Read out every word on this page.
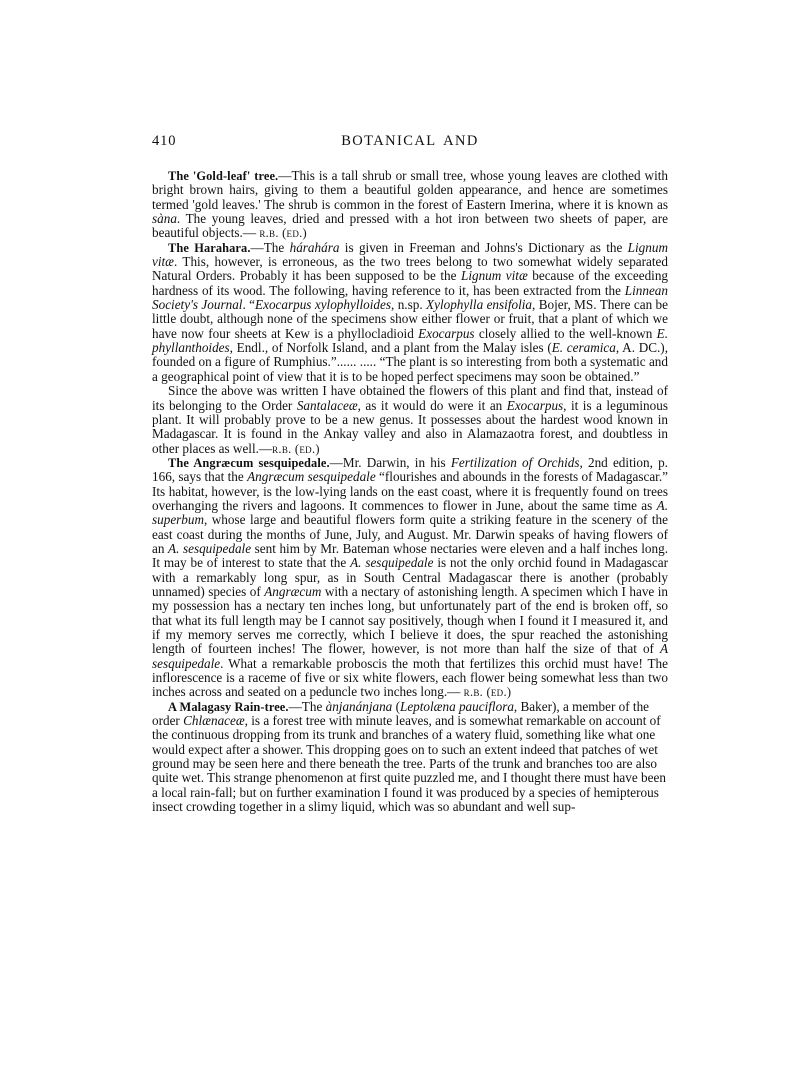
410	BOTANICAL AND

The 'Gold-leaf' tree.—This is a tall shrub or small tree, whose young leaves are clothed with bright brown hairs, giving to them a beautiful golden appearance, and hence are sometimes termed 'gold leaves.' The shrub is common in the forest of Eastern Imerina, where it is known as sàna. The young leaves, dried and pressed with a hot iron between two sheets of paper, are beautiful objects.— r.b. (ed.)

The Harahara.—The hárahára is given in Freeman and Johns's Dictionary as the Lignum vitæ. This, however, is erroneous, as the two trees belong to two somewhat widely separated Natural Orders. Probably it has been supposed to be the Lignum vitæ because of the exceeding hardness of its wood. The following, having reference to it, has been extracted from the Linnean Society's Journal. “Exocarpus xylophylloides, n.sp. Xylophylla ensifolia, Bojer, MS. There can be little doubt, although none of the specimens show either flower or fruit, that a plant of which we have now four sheets at Kew is a phyllocladioid Exocarpus closely allied to the well-known E. phyllanthoides, Endl., of Norfolk Island, and a plant from the Malay isles (E. ceramica, A. DC.), founded on a figure of Rumphius.”...... ..... “The plant is so interesting from both a systematic and a geographical point of view that it is to be hoped perfect specimens may soon be obtained.”

Since the above was written I have obtained the flowers of this plant and find that, instead of its belonging to the Order Santalaceæ, as it would do were it an Exocarpus, it is a leguminous plant. It will probably prove to be a new genus. It possesses about the hardest wood known in Madagascar. It is found in the Ankay valley and also in Alamazaotra forest, and doubtless in other places as well.—r.b. (ed.)

The Angræcum sesquipedale.—Mr. Darwin, in his Fertilization of Orchids, 2nd edition, p. 166, says that the Angræcum sesquipedale “flourishes and abounds in the forests of Madagascar.” Its habitat, however, is the low-lying lands on the east coast, where it is frequently found on trees overhanging the rivers and lagoons. It commences to flower in June, about the same time as A. superbum, whose large and beautiful flowers form quite a striking feature in the scenery of the east coast during the months of June, July, and August. Mr. Darwin speaks of having flowers of an A. sesquipedale sent him by Mr. Bateman whose nectaries were eleven and a half inches long. It may be of interest to state that the A. sesquipedale is not the only orchid found in Madagascar with a remarkably long spur, as in South Central Madagascar there is another (probably unnamed) species of Angræcum with a nectary of astonishing length. A specimen which I have in my possession has a nectary ten inches long, but unfortunately part of the end is broken off, so that what its full length may be I cannot say positively, though when I found it I measured it, and if my memory serves me correctly, which I believe it does, the spur reached the astonishing length of fourteen inches! The flower, however, is not more than half the size of that of A sesquipedale. What a remarkable proboscis the moth that fertilizes this orchid must have! The inflorescence is a raceme of five or six white flowers, each flower being somewhat less than two inches across and seated on a peduncle two inches long.— r.b. (ed.)

A Malagasy Rain-tree.—The ànjanánjana (Leptolæna pauciflora, Baker), a member of the order Chlænaceæ, is a forest tree with minute leaves, and is somewhat remarkable on account of the continuous dropping from its trunk and branches of a watery fluid, something like what one would expect after a shower. This dropping goes on to such an extent indeed that patches of wet ground may be seen here and there beneath the tree. Parts of the trunk and branches too are also quite wet. This strange phenomenon at first quite puzzled me, and I thought there must have been a local rain-fall; but on further examination I found it was produced by a species of hemipterous insect crowding together in a slimy liquid, which was so abundant and well sup-
